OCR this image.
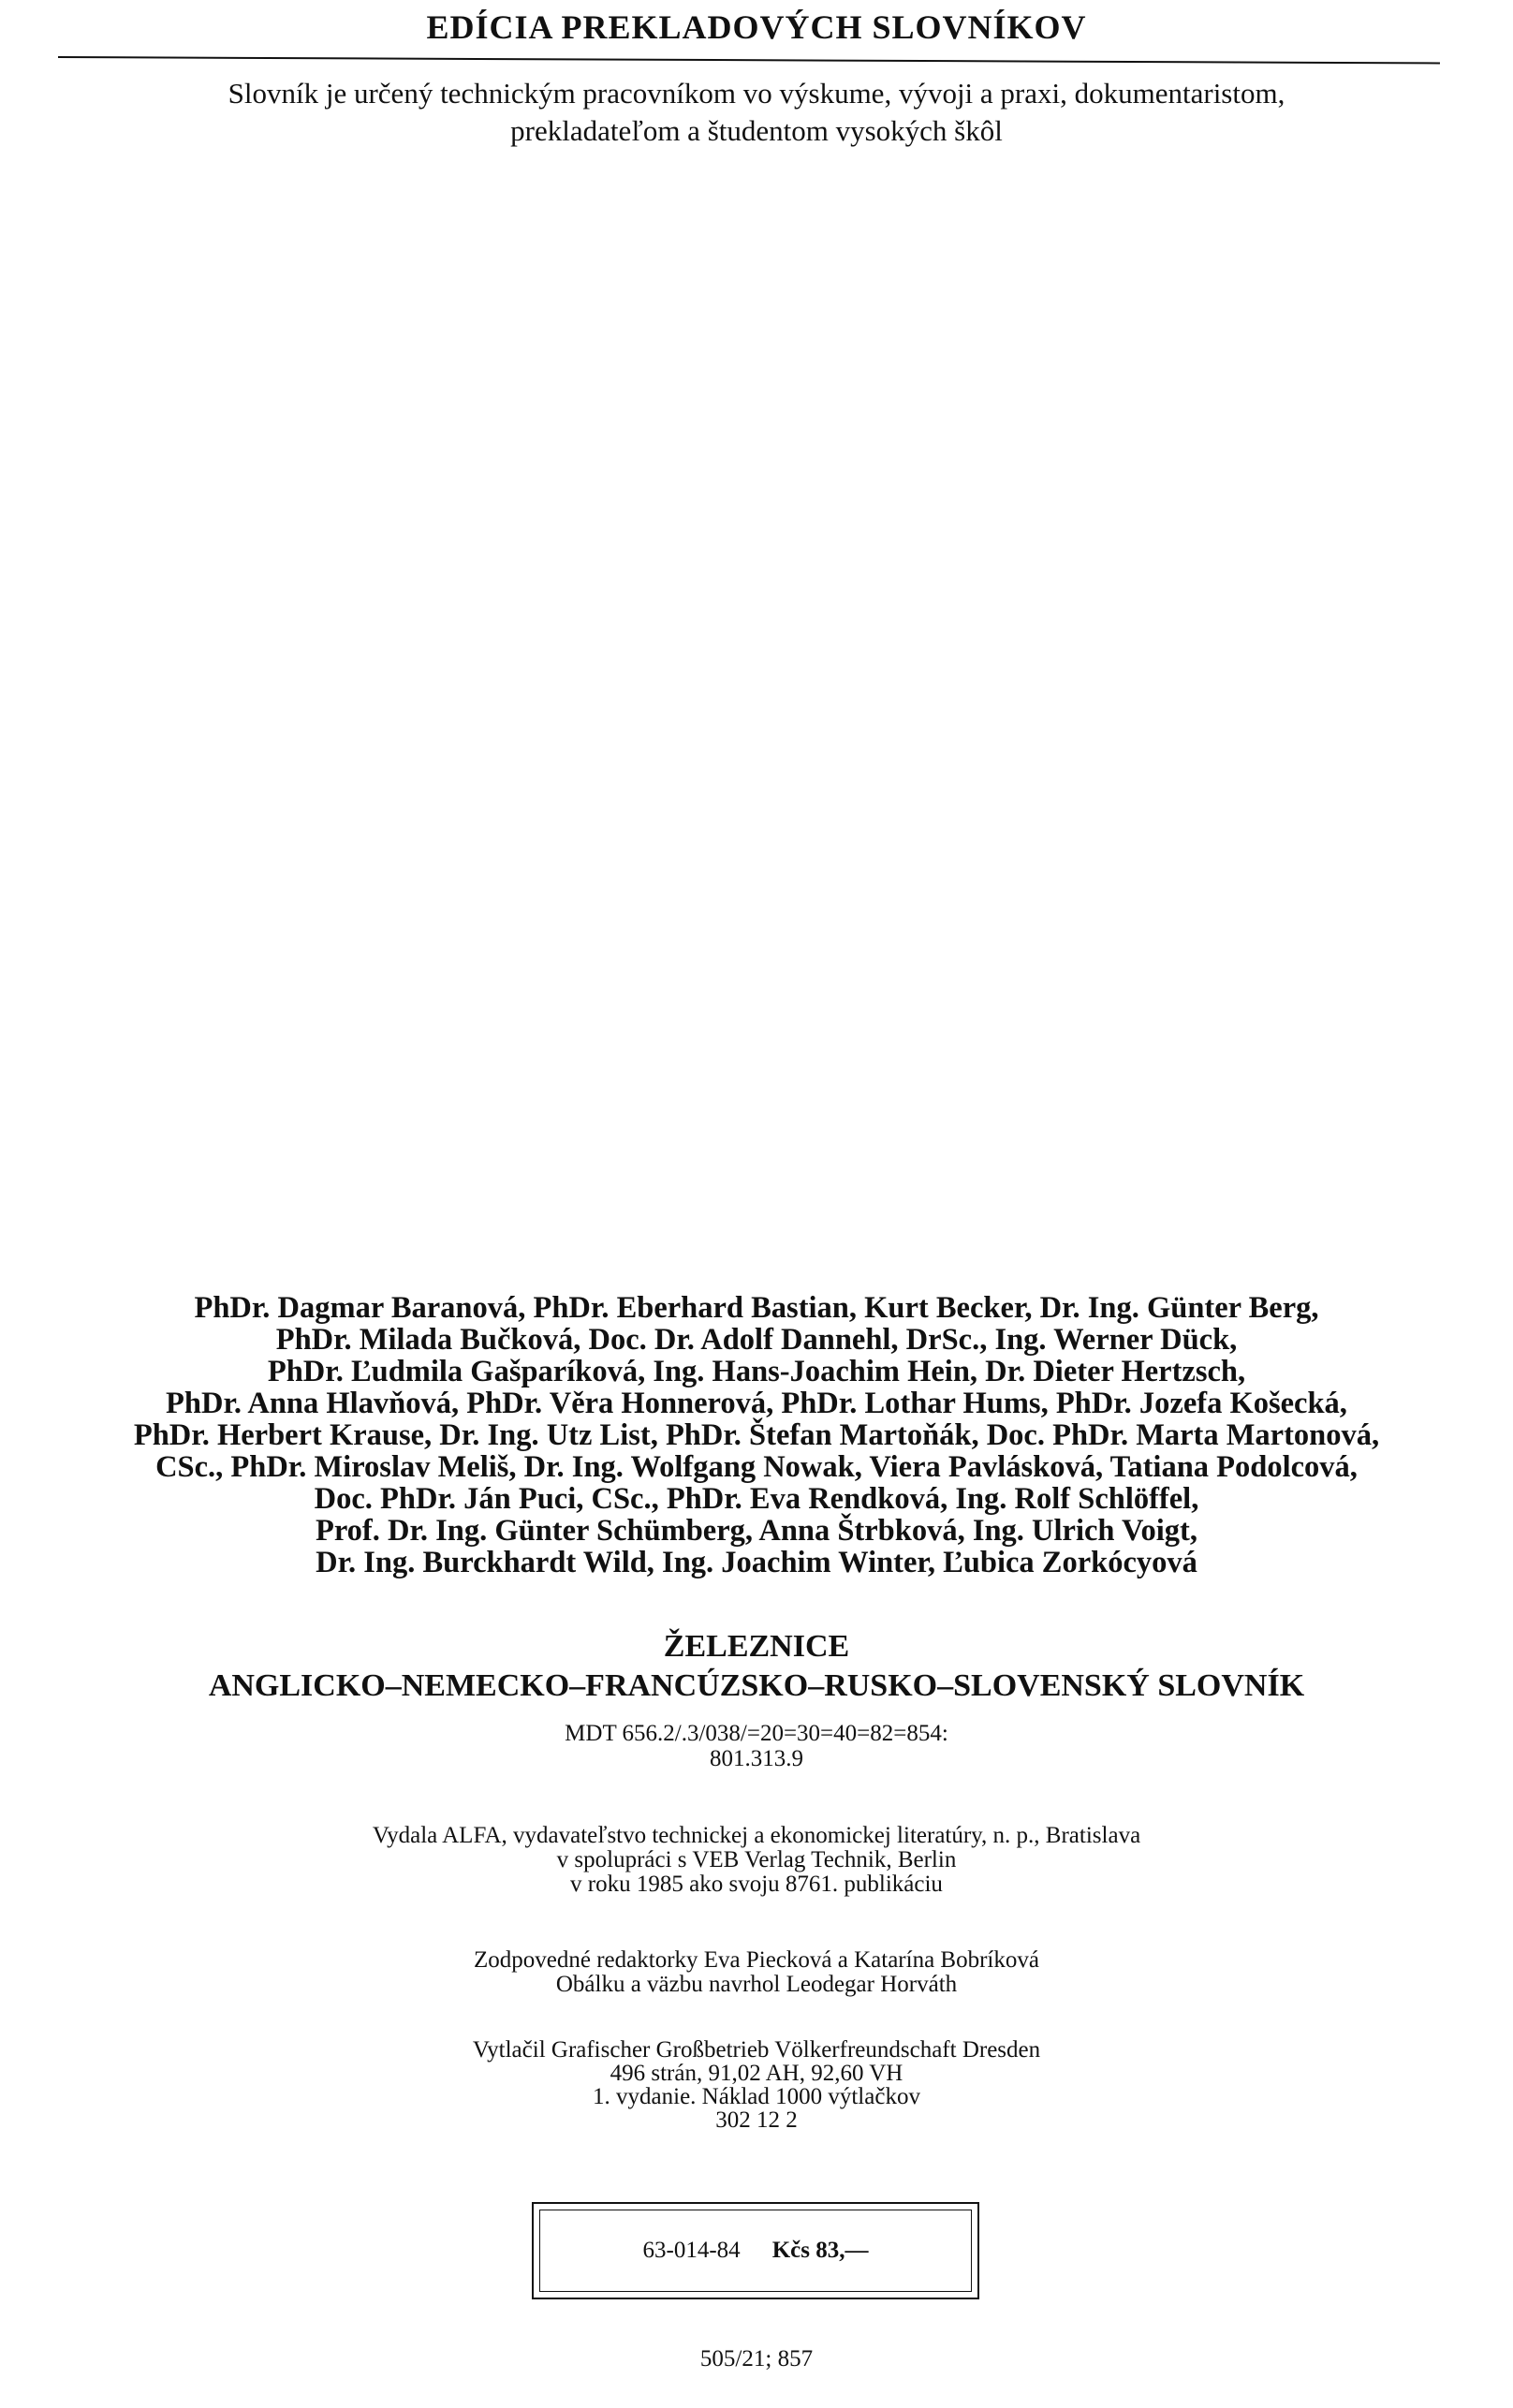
EDÍCIA PREKLADOVÝCH SLOVNÍKOV
Slovník je určený technickým pracovníkom vo výskume, vývoji a praxi, dokumentaristom,
prekladateľom a študentom vysokých škôl
PhDr. Dagmar Baranová, PhDr. Eberhard Bastian, Kurt Becker, Dr. Ing. Günter Berg,
PhDr. Milada Bučková, Doc. Dr. Adolf Dannehl, DrSc., Ing. Werner Dück,
PhDr. Ľudmila Gašparíková, Ing. Hans-Joachim Hein, Dr. Dieter Hertzsch,
PhDr. Anna Hlavňová, PhDr. Věra Honnerová, PhDr. Lothar Hums, PhDr. Jozefa Košecká,
PhDr. Herbert Krause, Dr. Ing. Utz List, PhDr. Štefan Martoňák, Doc. PhDr. Marta Martonová,
CSc., PhDr. Miroslav Meliš, Dr. Ing. Wolfgang Nowak, Viera Pavlásková, Tatiana Podolcová,
Doc. PhDr. Ján Puci, CSc., PhDr. Eva Rendková, Ing. Rolf Schlöffel,
Prof. Dr. Ing. Günter Schümberg, Anna Štrbková, Ing. Ulrich Voigt,
Dr. Ing. Burckhardt Wild, Ing. Joachim Winter, Ľubica Zorkócyová
ŽELEZNICE
ANGLICKO–NEMECKO–FRANCÚZSKO–RUSKO–SLOVENSKÝ SLOVNÍK
MDT 656.2/.3/038/=20=30=40=82=854:
801.313.9
Vydala ALFA, vydavateľstvo technickej a ekonomickej literatúry, n. p., Bratislava
v spolupráci s VEB Verlag Technik, Berlin
v roku 1985 ako svoju 8761. publikáciu
Zodpovedné redaktorky Eva Piecková a Katarína Bobríková
Obálku a väzbu navrhol Leodegar Horváth
Vytlačil Grafischer Großbetrieb Völkerfreundschaft Dresden
496 strán, 91,02 AH, 92,60 VH
1. vydanie. Náklad 1000 výtlačkov
302 12 2
63-014-84 Kčs 83,—
505/21; 857
